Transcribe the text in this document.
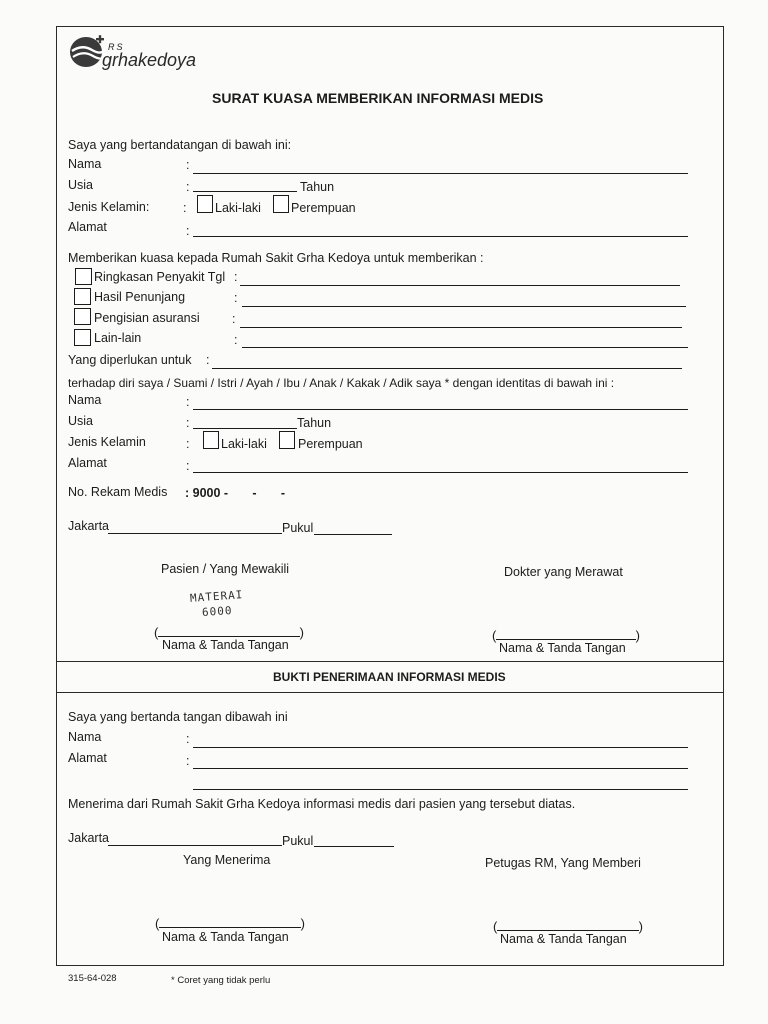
RS
grhakedoya
SURAT KUASA MEMBERIKAN INFORMASI MEDIS
Saya yang bertandatangan di bawah ini:
Nama	:
Usia	:	Tahun
Jenis Kelamin:	: Laki-laki Perempuan
Alamat	:
Memberikan kuasa kepada Rumah Sakit Grha Kedoya untuk memberikan :
Ringkasan Penyakit Tgl :
Hasil Penunjang	:
Pengisian asuransi	:
Lain-lain	:
Yang diperlukan untuk :
terhadap diri saya / Suami / Istri / Ayah / Ibu / Anak / Kakak / Adik saya * dengan identitas di bawah ini :
Nama	:
Usia	:	Tahun
Jenis Kelamin	:	Laki-laki Perempuan
Alamat	:
No. Rekam Medis : 9000 -       -       -
Jakarta	Pukul
Pasien / Yang Mewakili	Dokter yang Merawat
MATERAI
6000
( )
Nama & Tanda Tangan
( )	Nama & Tanda Tangan
BUKTI PENERIMAAN INFORMASI MEDIS
Saya yang bertanda tangan dibawah ini
Nama	:
Alamat	:
Menerima dari Rumah Sakit Grha Kedoya informasi medis dari pasien yang tersebut diatas.
Jakarta	Pukul
Yang Menerima	Petugas RM, Yang Memberi
( )
Nama & Tanda Tangan
( )	Nama & Tanda Tangan
315-64-028	* Coret yang tidak perlu
